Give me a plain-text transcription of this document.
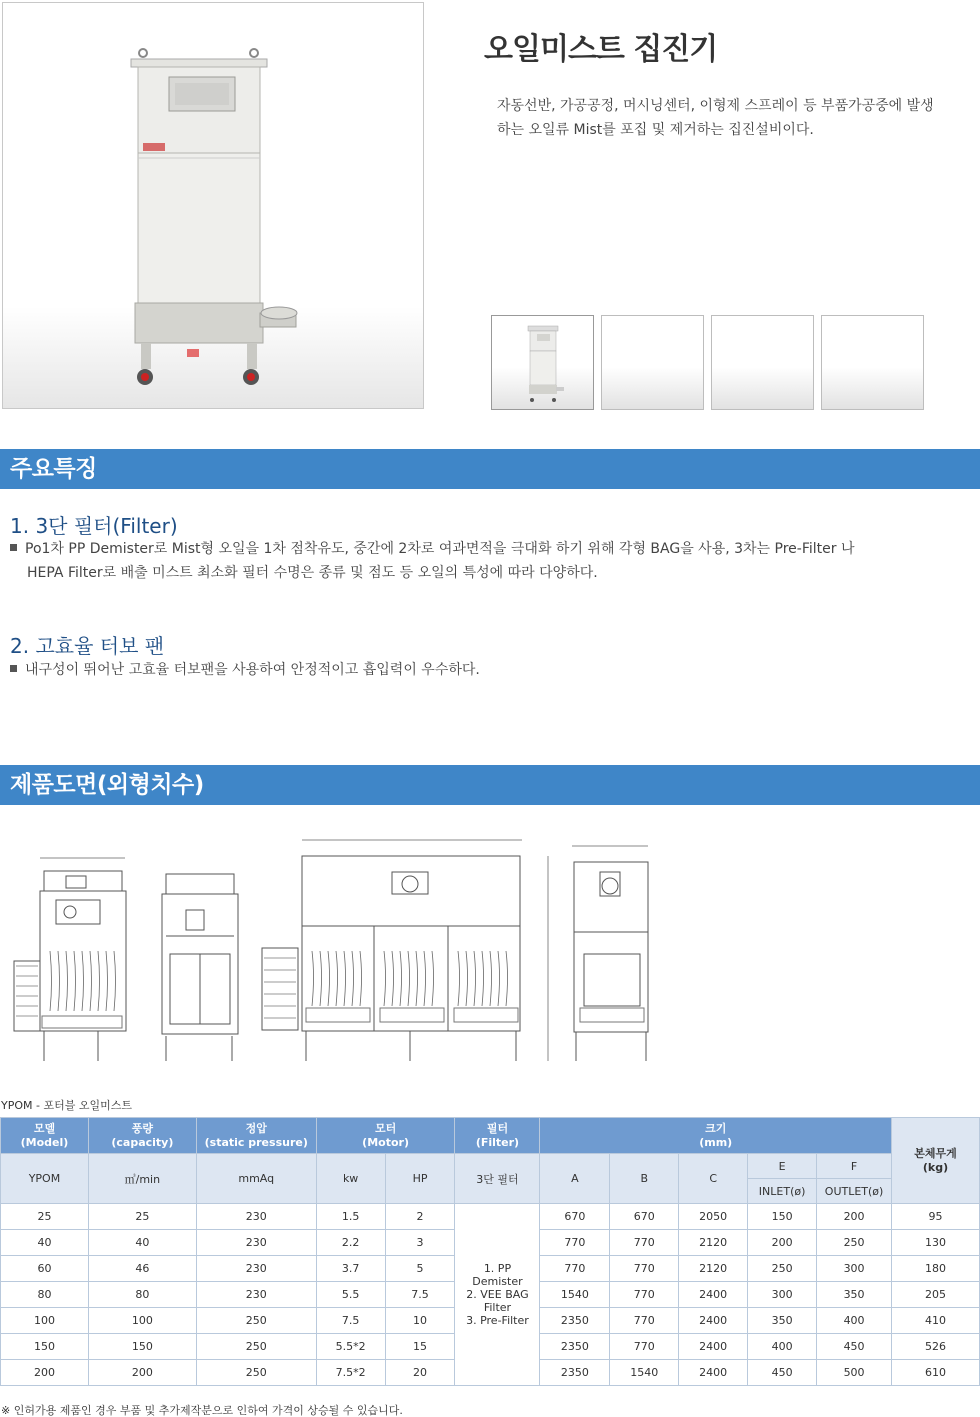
오일미스트 집진기

자동선반, 가공공정, 머시닝센터, 이형제 스프레이 등 부품가공중에 발생하는 오일류 Mist를 포집 및 제거하는 집진설비이다.

주요특징
1. 3단 필터(Filter)
Po1차 PP Demister로 Mist형 오일을 1차 점착유도, 중간에 2차로 여과면적을 극대화 하기 위해 각형 BAG을 사용, 3차는 Pre-Filter 나
HEPA Filter로 배출 미스트 최소화 필터 수명은 종류 및 점도 등 오일의 특성에 따라 다양하다.
2. 고효율 터보 팬
내구성이 뛰어난 고효율 터보팬을 사용하여 안정적이고 흡입력이 우수하다.
제품도면(외형치수)
YPOM - 포터블 오일미스트
모델
(Model)	풍량
(capacity)	정압
(static pressure)	모터
(Motor)		필터
(Filter)	크기
(mm)					본체무게
(kg)
YPOM	㎥/min	mmAq	kw	HP	3단 필터	A	B	C	E	F	
									INLET(ø)	OUTLET(ø)	
25	25	230	1.5	2	1. PP Demister
2. VEE BAG
Filter
3. Pre-Filter	670	670	2050	150	200	95
40	40	230	2.2	3		770	770	2120	200	250	130
60	46	230	3.7	5		770	770	2120	250	300	180
80	80	230	5.5	7.5		1540	770	2400	300	350	205
100	100	250	7.5	10		2350	770	2400	350	400	410
150	150	250	5.5*2	15		2350	770	2400	400	450	526
200	200	250	7.5*2	20		2350	1540	2400	450	500	610
※ 인허가용 제품인 경우 부품 및 추가제작분으로 인하여 가격이 상승될 수 있습니다.
